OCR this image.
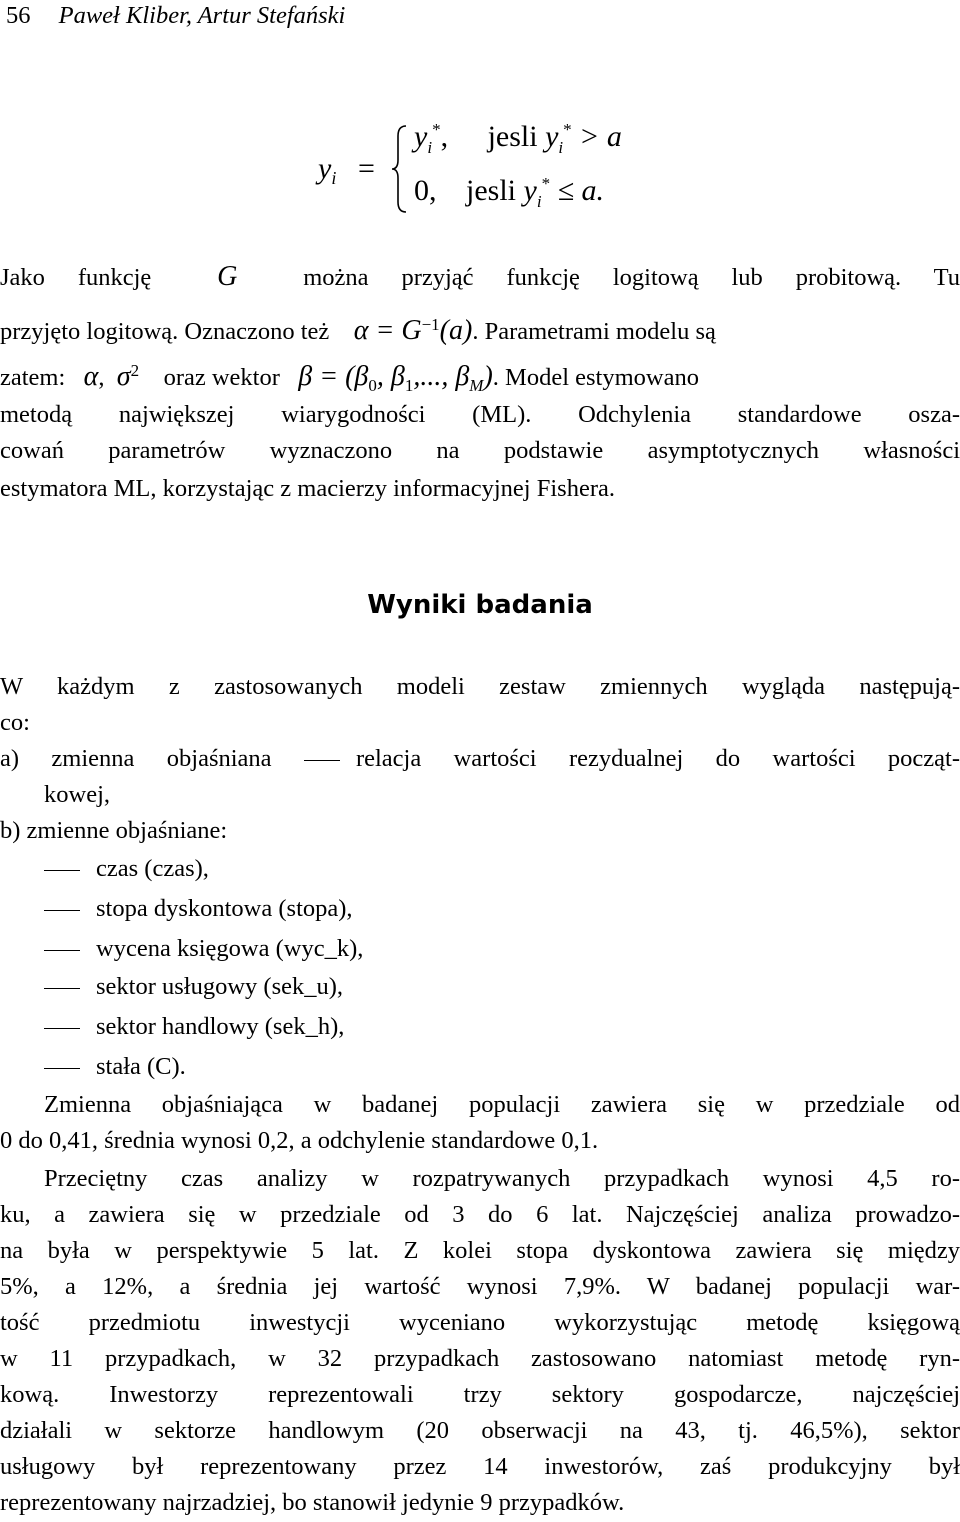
56 Paweł Kliber, Artur Stefański
$y_i$ =
$y_i^*$, jesli $y_i^* > a$
0, jesli $y_i^* \le a$.
Jako funkcję G	można przyjąć funkcję logitową lub probitową. Tu
przyjęto logitową. Oznaczono też $\alpha = G^{-1}(a)$. Parametrami modelu są
zatem: α,  $\sigma^2$ oraz wektor $\beta = (\beta_0$, $\beta_1$,..., $\beta_M$). Model estymowano
metodą największej wiarygodności (ML). Odchylenia standardowe osza-
cowań parametrów wyznaczono na podstawie asymptotycznych własności
estymatora ML, korzystając z macierzy informacyjnej Fishera.
Wyniki badania
W każdym z zastosowanych modeli zestaw zmiennych wygląda następują-
co:
a) zmienna objaśniana	relacja wartości rezydualnej do wartości począt-
kowej,
b) zmienne objaśniane:
czas (czas),
stopa dyskontowa (stopa),
wycena księgowa (wyc_k),
sektor usługowy (sek_u),
sektor handlowy (sek_h),
stała (C).
Zmienna objaśniająca w badanej populacji zawiera się w przedziale od
0 do 0,41, średnia wynosi 0,2, a odchylenie standardowe 0,1.
Przeciętny czas analizy w rozpatrywanych przypadkach wynosi 4,5 ro-
ku, a zawiera się w przedziale od 3 do 6 lat. Najczęściej analiza prowadzo-
na była w perspektywie 5 lat. Z kolei stopa dyskontowa zawiera się między
5%, a 12%, a średnia jej wartość wynosi 7,9%. W badanej populacji war-
tość przedmiotu inwestycji wyceniano wykorzystując metodę księgową
w 11 przypadkach, w 32 przypadkach zastosowano natomiast metodę ryn-
kową. Inwestorzy reprezentowali trzy sektory gospodarcze, najczęściej
działali w sektorze handlowym (20 obserwacji na 43, tj. 46,5%), sektor
usługowy był reprezentowany przez 14 inwestorów, zaś produkcyjny był
reprezentowany najrzadziej, bo stanowił jedynie 9 przypadków.
